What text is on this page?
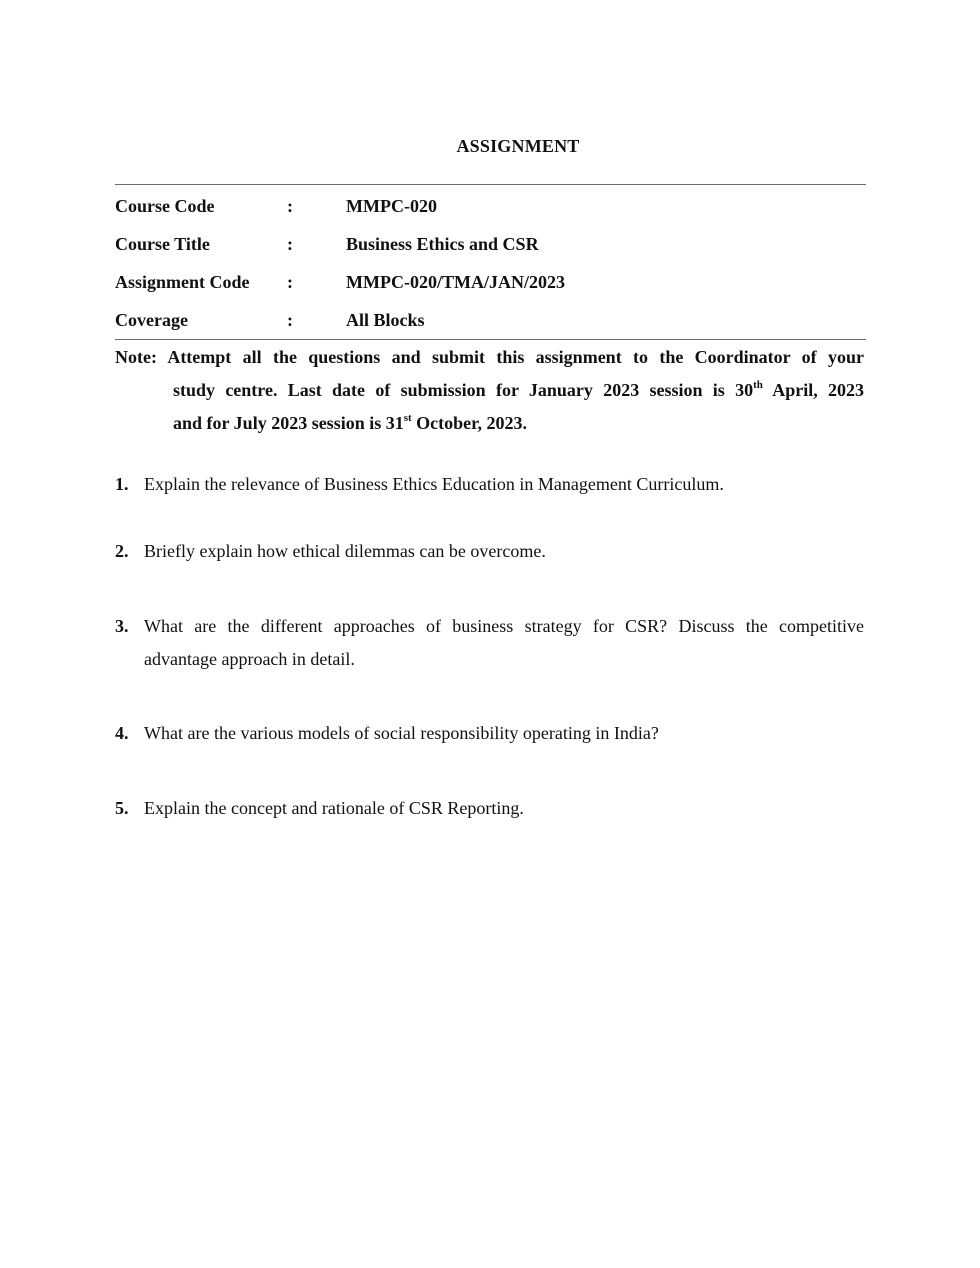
ASSIGNMENT
Course Code	:	MMPC-020
Course Title	:	Business Ethics and CSR
Assignment Code	:	MMPC-020/TMA/JAN/2023
Coverage	:	All Blocks
Note: Attempt all the questions and submit this assignment to the Coordinator of your
study centre. Last date of submission for January 2023 session is 30th April, 2023
and for July 2023 session is 31st October, 2023.
1. Explain the relevance of Business Ethics Education in Management Curriculum.
2. Briefly explain how ethical dilemmas can be overcome.
3. What are the different approaches of business strategy for CSR? Discuss the competitive
advantage approach in detail.
4. What are the various models of social responsibility operating in India?
5. Explain the concept and rationale of CSR Reporting.
